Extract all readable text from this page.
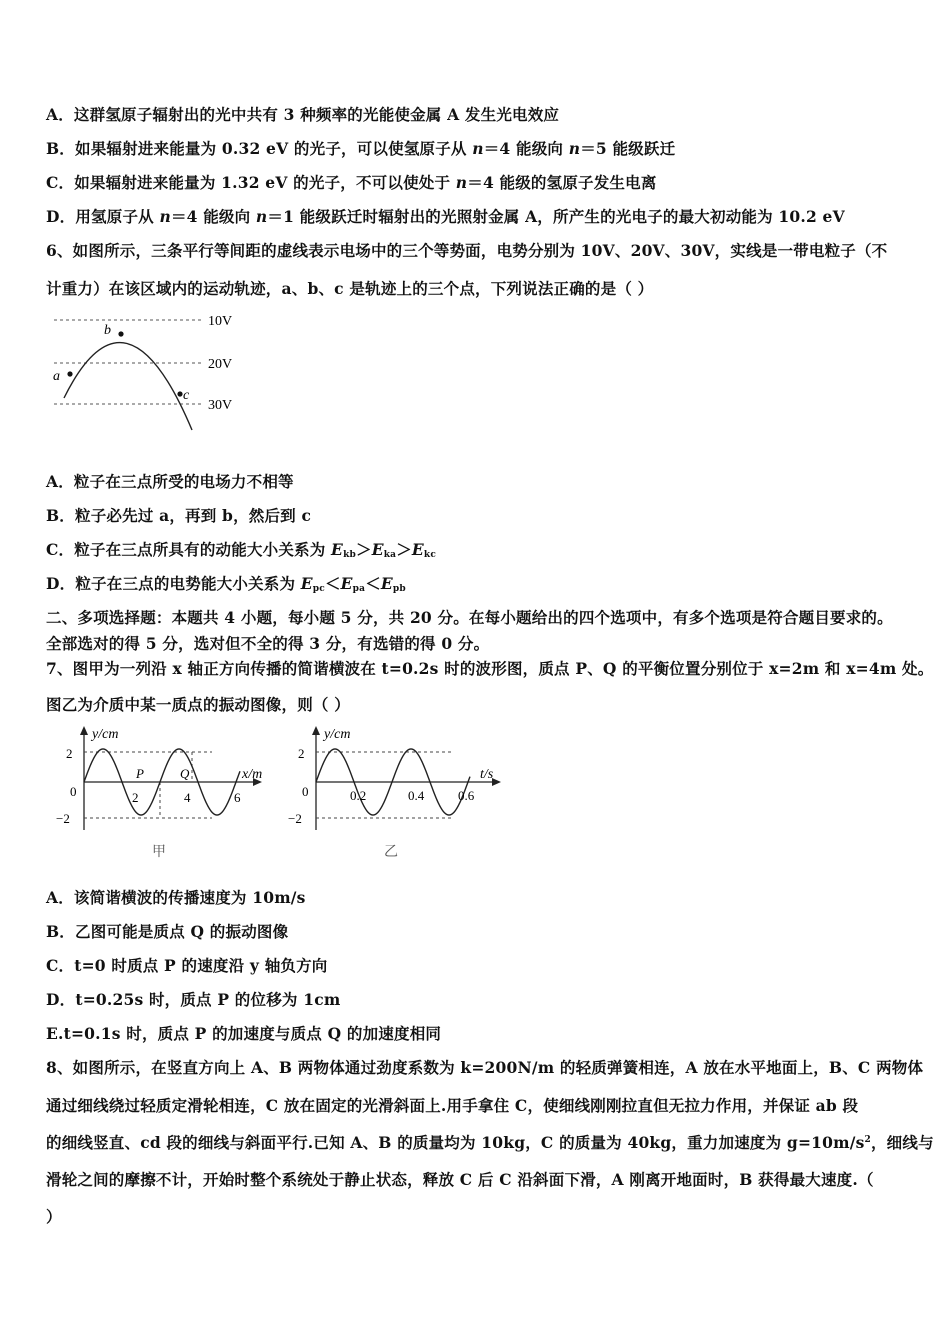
A．这群氢原子辐射出的光中共有 3 种频率的光能使金属 A 发生光电效应
B．如果辐射进来能量为 0.32 eV 的光子，可以使氢原子从 n＝4 能级向 n＝5 能级跃迁
C．如果辐射进来能量为 1.32 eV 的光子，不可以使处于 n＝4 能级的氢原子发生电离
D．用氢原子从 n＝4 能级向 n＝1 能级跃迁时辐射出的光照射金属 A，所产生的光电子的最大初动能为 10.2 eV
6、如图所示，三条平行等间距的虚线表示电场中的三个等势面，电势分别为 10V、20V、30V，实线是一带电粒子（不
计重力）在该区域内的运动轨迹，a、b、c 是轨迹上的三个点，下列说法正确的是（ ）
10V
20V
30V
a
b
c
A．粒子在三点所受的电场力不相等
B．粒子必先过 a，再到 b，然后到 c
C．粒子在三点所具有的动能大小关系为 $E_{kb}>E_{ka}>E_{kc}$
D．粒子在三点的电势能大小关系为 $E_{pc}<E_{pa}<E_{pb}$
二、多项选择题：本题共 4 小题，每小题 5 分，共 20 分。在每小题给出的四个选项中，有多个选项是符合题目要求的。
全部选对的得 5 分，选对但不全的得 3 分，有选错的得 0 分。
7、图甲为一列沿 x 轴正方向传播的简谐横波在 t=0.2s 时的波形图，质点 P、Q 的平衡位置分别位于 x=2m 和 x=4m 处。
图乙为介质中某一质点的振动图像，则（ ）
y/cm
x/m
2
0
−2
2	4	6
P	Q
甲
y/cm
t/s
2
0
−2
0.2	0.4	0.6
乙
A．该简谐横波的传播速度为 10m/s
B．乙图可能是质点 Q 的振动图像
C．t=0 时质点 P 的速度沿 y 轴负方向
D．t=0.25s 时，质点 P 的位移为 1cm
E.t=0.1s 时，质点 P 的加速度与质点 Q 的加速度相同
8、如图所示，在竖直方向上 A、B 两物体通过劲度系数为 k=200N/m 的轻质弹簧相连，A 放在水平地面上，B、C 两物体
通过细线绕过轻质定滑轮相连，C 放在固定的光滑斜面上.用手拿住 C，使细线刚刚拉直但无拉力作用，并保证 ab 段
的细线竖直、cd 段的细线与斜面平行.已知 A、B 的质量均为 10kg，C 的质量为 40kg，重力加速度为 $g=10m/s^2$，细线与
滑轮之间的摩擦不计，开始时整个系统处于静止状态，释放 C 后 C 沿斜面下滑，A 刚离开地面时，B 获得最大速度.（
）
